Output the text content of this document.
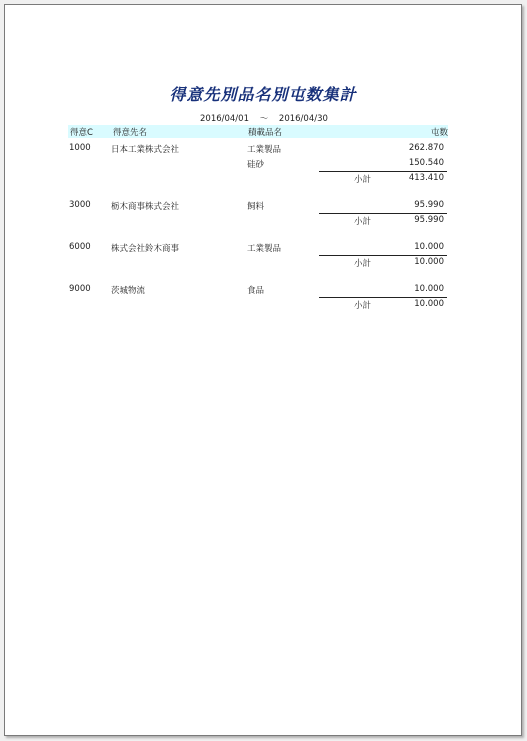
得意先別品名別屯数集計
2016/04/01 ～ 2016/04/30
得意C 得意先名	積載品名	屯数
1000 日本工業株式会社	工業製品	262.870
硅砂	150.540
小計	413.410
3000 栃木商事株式会社	飼料	95.990
小計	95.990
6000 株式会社鈴木商事	工業製品	10.000
小計	10.000
9000 茨城物流	食品	10.000
小計	10.000
